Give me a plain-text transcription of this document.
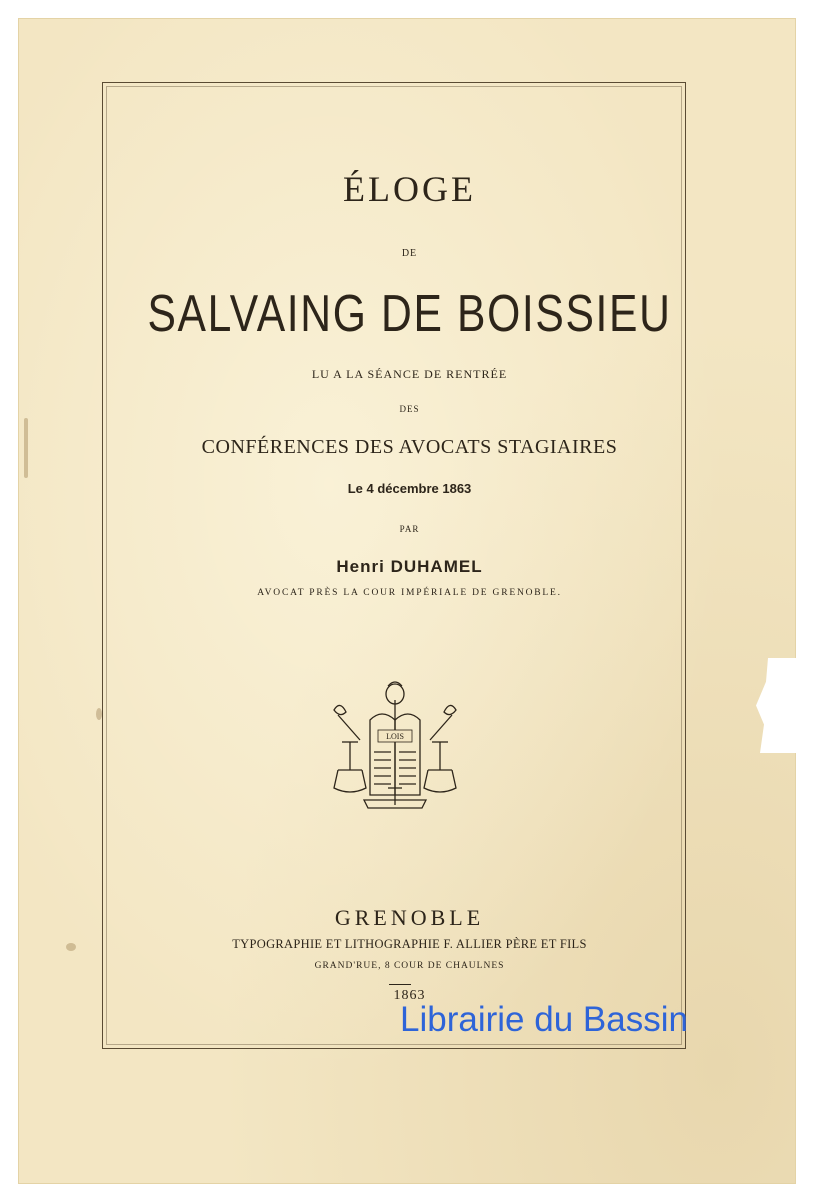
ÉLOGE
DE
SALVAING DE BOISSIEU
LU A LA SÉANCE DE RENTRÉE
DES
CONFÉRENCES DES AVOCATS STAGIAIRES
Le 4 décembre 1863
PAR
Henri DUHAMEL
AVOCAT PRÈS LA COUR IMPÉRIALE DE GRENOBLE.
LOIS
GRENOBLE
TYPOGRAPHIE ET LITHOGRAPHIE F. ALLIER PÈRE ET FILS
GRAND'RUE, 8 COUR DE CHAULNES
1863
Librairie du Bassin
